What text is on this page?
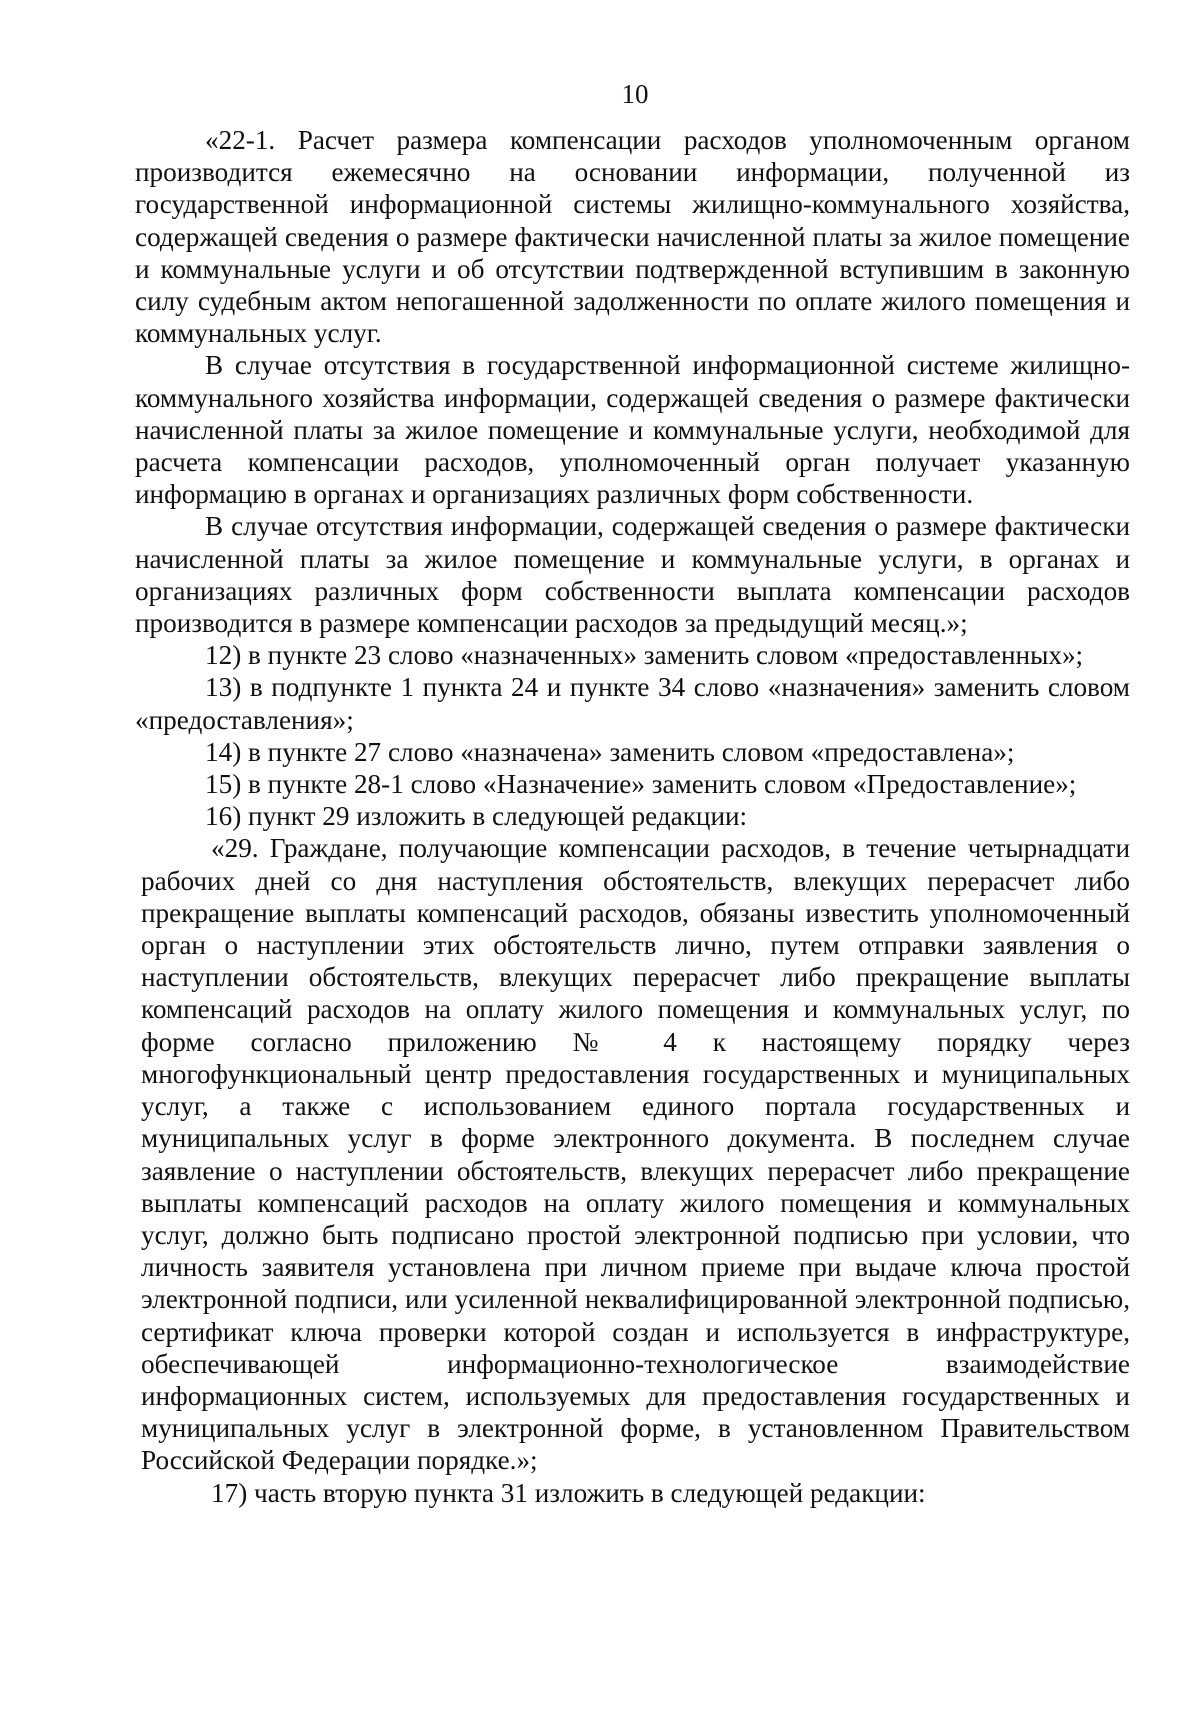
10

«22-1. Расчет размера компенсации расходов уполномоченным органом производится ежемесячно на основании информации, полученной из государственной информационной системы жилищно-коммунального хозяйства, содержащей сведения о размере фактически начисленной платы за жилое помещение и коммунальные услуги и об отсутствии подтвержденной вступившим в законную силу судебным актом непогашенной задолженности по оплате жилого помещения и коммунальных услуг.

В случае отсутствия в государственной информационной системе жилищно-коммунального хозяйства информации, содержащей сведения о размере фактически начисленной платы за жилое помещение и коммунальные услуги, необходимой для расчета компенсации расходов, уполномоченный орган получает указанную информацию в органах и организациях различных форм собственности.

В случае отсутствия информации, содержащей сведения о размере фактически начисленной платы за жилое помещение и коммунальные услуги, в органах и организациях различных форм собственности выплата компенсации расходов производится в размере компенсации расходов за предыдущий месяц.»;

12) в пункте 23 слово «назначенных» заменить словом «предоставленных»;

13) в подпункте 1 пункта 24 и пункте 34 слово «назначения» заменить словом «предоставления»;

14) в пункте 27 слово «назначена» заменить словом «предоставлена»;

15) в пункте 28-1 слово «Назначение» заменить словом «Предоставление»;

16) пункт 29 изложить в следующей редакции:

«29. Граждане, получающие компенсации расходов, в течение четырнадцати рабочих дней со дня наступления обстоятельств, влекущих перерасчет либо прекращение выплаты компенсаций расходов, обязаны известить уполномоченный орган о наступлении этих обстоятельств лично, путем отправки заявления о наступлении обстоятельств, влекущих перерасчет либо прекращение выплаты компенсаций расходов на оплату жилого помещения и коммунальных услуг, по форме согласно приложению № 4 к настоящему порядку через многофункциональный центр предоставления государственных и муниципальных услуг, а также с использованием единого портала государственных и муниципальных услуг в форме электронного документа. В последнем случае заявление о наступлении обстоятельств, влекущих перерасчет либо прекращение выплаты компенсаций расходов на оплату жилого помещения и коммунальных услуг, должно быть подписано простой электронной подписью при условии, что личность заявителя установлена при личном приеме при выдаче ключа простой электронной подписи, или усиленной неквалифицированной электронной подписью, сертификат ключа проверки которой создан и используется в инфраструктуре, обеспечивающей информационно-технологическое взаимодействие информационных систем, используемых для предоставления государственных и муниципальных услуг в электронной форме, в установленном Правительством Российской Федерации порядке.»;

17) часть вторую пункта 31 изложить в следующей редакции:
